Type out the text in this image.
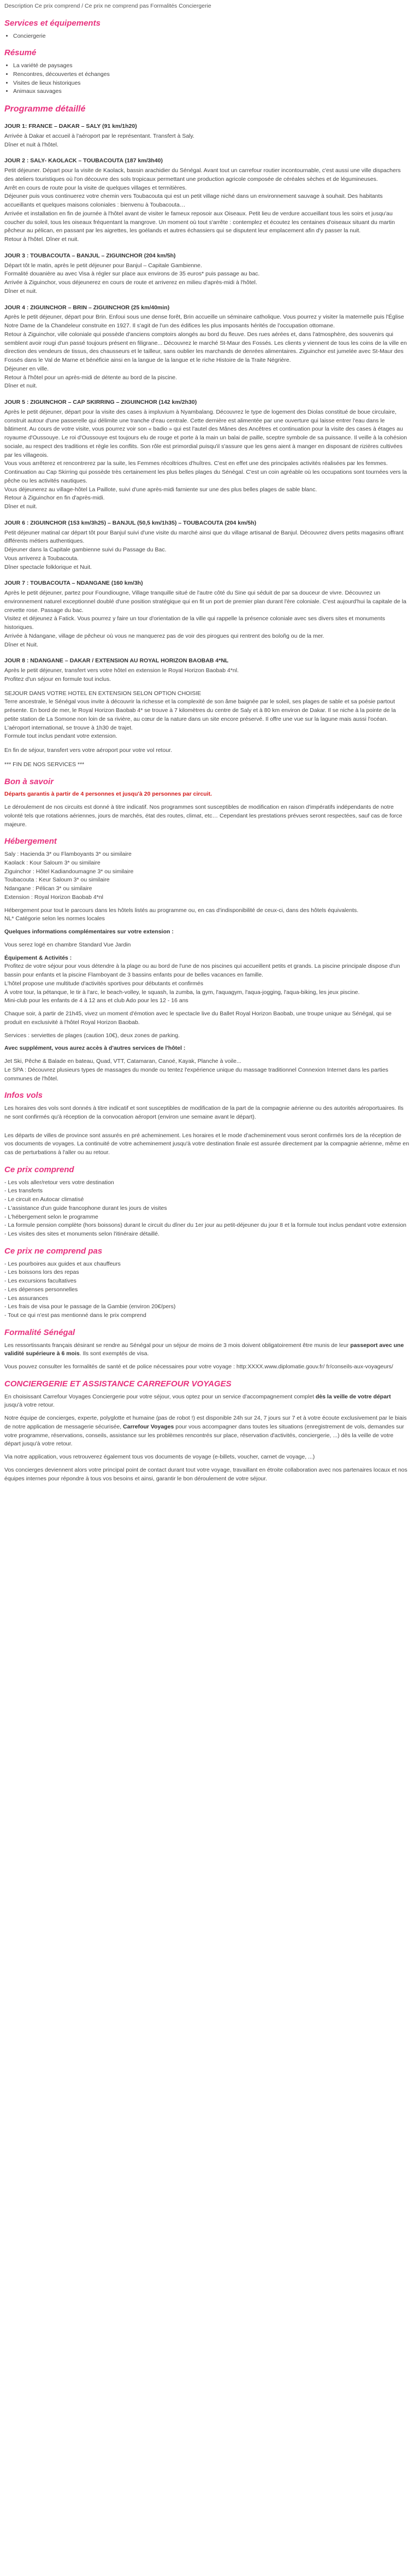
Description Ce prix comprend / Ce prix ne comprend pas Formalités Conciergerie

Services et équipements
• Conciergerie
Résumé
• La variété de paysages
• Rencontres, découvertes et échanges
• Visites de lieux historiques
• Animaux sauvages
Programme détaillé

JOUR 1: FRANCE – DAKAR – SALY (91 km/1h20)

Arrivée à Dakar et accueil à l'aéroport par le représentant. Transfert à Saly.

Dîner et nuit à l'hôtel.

JOUR 2 : SALY- KAOLACK – TOUBACOUTA (187 km/3h40)

Petit déjeuner. Départ pour la visite de Kaolack, bassin arachidier du Sénégal. Avant tout un carrefour routier incontournable, c'est aussi une ville dispachers des ateliers touristiques où l'on découvre des sols tropicaux permettant une production agricole composée de céréales sèches et de légumineuses.

Arrêt en cours de route pour la visite de quelques villages et termitières.

Déjeuner puis vous continuerez votre chemin vers Toubacouta qui est un petit village niché dans un environnement sauvage à souhait. Des habitants accueillants et quelques maisons coloniales : bienvenu à Toubacouta…

Arrivée et installation en fin de journée à l'hôtel avant de visiter le fameux reposoir aux Oiseaux. Petit lieu de verdure accueillant tous les soirs et jusqu'au coucher du soleil, tous les oiseaux fréquentant la mangrove. Un moment où tout s'arrête : contemplez et écoutez les centaines d'oiseaux situant du martin pêcheur au pélican, en passant par les aigrettes, les goélands et autres échassiers qui se disputent leur emplacement afin d'y passer la nuit.

Retour à l'hôtel. Dîner et nuit.

JOUR 3 : TOUBACOUTA – BANJUL – ZIGUINCHOR (204 km/5h)

Départ tôt le matin, après le petit déjeuner pour Banjul – Capitale Gambienne.

Formalité douanière au avec Visa à régler sur place aux environs de 35 euros* puis passage au bac.

Arrivée à Ziguinchor, vous déjeunerez en cours de route et arriverez en milieu d'après-midi à l'hôtel.

Dîner et nuit.

JOUR 4 : ZIGUINCHOR – BRIN – ZIGUINCHOR (25 km/40min)

Après le petit déjeuner, départ pour Brin. Enfoui sous une dense forêt, Brin accueille un séminaire catholique. Vous pourrez y visiter la maternelle puis l'Église Notre Dame de la Chandeleur construite en 1927. Il s'agit de l'un des édifices les plus imposants hérités de l'occupation ottomane.

Retour à Ziguinchor, ville coloniale qui possède d'anciens comptoirs alongés au bord du fleuve. Des rues aérées et, dans l'atmosphère, des souvenirs qui semblent avoir rougi d'un passé toujours présent en filigrane... Découvrez le marché St-Maur des Fossés. Les clients y viennent de tous les coins de la ville en direction des vendeurs de tissus, des chausseurs et le tailleur, sans oublier les marchands de denrées alimentaires. Ziguinchor est jumelée avec St-Maur des Fossés dans le Val de Marne et bénéficie ainsi en la langue de la langue et le riche Histoire de la Traite Négrière.

Déjeuner en ville.

Retour à l'hôtel pour un après-midi de détente au bord de la piscine.

Dîner et nuit.

JOUR 5 : ZIGUINCHOR – CAP SKIRRING – ZIGUINCHOR (142 km/2h30)

Après le petit déjeuner, départ pour la visite des cases à impluvium à Nyambalang. Découvrez le type de logement des Diolas constitué de boue circulaire, construit autour d'une passerelle qui délimite une tranche d'eau centrale. Cette dernière est alimentée par une ouverture qui laisse entrer l'eau dans le bâtiment. Au cours de votre visite, vous pourrez voir son « badio » qui est l'autel des Mânes des Ancêtres et continuation pour la visite des cases à étages au royaume d'Oussouye. Le roi d'Oussouye est toujours elu de rouge et porte à la main un balai de paille, sceptre symbole de sa puissance. Il veille à la cohésion sociale, au respect des traditions et règle les conflits. Son rôle est primordial puisqu'il s'assure que les gens aient à manger en disposant de rizières cultivées par les villageois.

Vous vous arrêterez et rencontrerez par la suite, les Femmes récoltrices d'huîtres. C'est en effet une des principales activités réalisées par les femmes.

Continuation au Cap Skirring qui possède très certainement les plus belles plages du Sénégal. C'est un coin agréable où les occupations sont tournées vers la pêche ou les activités nautiques.

Vous déjeunerez au village-hôtel La Paillote, suivi d'une après-midi farniente sur une des plus belles plages de sable blanc.

Retour à Ziguinchor en fin d'après-midi.

Dîner et nuit.

JOUR 6 : ZIGUINCHOR (153 km/3h25) – BANJUL (50,5 km/1h35) – TOUBACOUTA (204 km/5h)

Petit déjeuner matinal car départ tôt pour Banjul suivi d'une visite du marché ainsi que du village artisanal de Banjul. Découvrez divers petits magasins offrant différents métiers authentiques.

Déjeuner dans la Capitale gambienne suivi du Passage du Bac.

Vous arriverez à Toubacouta.

Dîner spectacle folklorique et Nuit.

JOUR 7 : TOUBACOUTA – NDANGANE (160 km/3h)

Après le petit déjeuner, partez pour Foundiougne, Village tranquille situé de l'autre côté du Sine qui séduit de par sa douceur de vivre. Découvrez un environnement naturel exceptionnel doublé d'une position stratégique qui en fit un port de premier plan durant l'ère coloniale. C'est aujourd'hui la capitale de la crevette rose. Passage du bac.

Visitez et déjeunez à Fatick. Vous pourrez y faire un tour d'orientation de la ville qui rappelle la présence coloniale avec ses divers sites et monuments historiques.

Arrivée à Ndangane, village de pêcheur où vous ne manquerez pas de voir des pirogues qui rentrent des boloñg ou de la mer.

Dîner et Nuit.

JOUR 8 : NDANGANE – DAKAR / EXTENSION AU ROYAL HORIZON BAOBAB 4*NL

Après le petit déjeuner, transfert vers votre hôtel en extension le Royal Horizon Baobab 4*nl.

Profitez d'un séjour en formule tout inclus.

SEJOUR DANS VOTRE HOTEL EN EXTENSION SELON OPTION CHOISIE

Terre ancestrale, le Sénégal vous invite à découvrir la richesse et la complexité de son âme baignée par le soleil, ses plages de sable et sa poésie partout présente. En bord de mer, le Royal Horizon Baobab 4* se trouve à 7 kilomètres du centre de Saly et à 80 km environ de Dakar. Il se niche à la pointe de la petite station de La Somone non loin de sa rivière, au cœur de la nature dans un site encore préservé. Il offre une vue sur la lagune mais aussi l'océan. L'aéroport international, se trouve à 1h30 de trajet.

Formule tout inclus pendant votre extension.

En fin de séjour, transfert vers votre aéroport pour votre vol retour.

*** FIN DE NOS SERVICES ***

Bon à savoir

Départs garantis à partir de 4 personnes et jusqu'à 20 personnes par circuit.

Le déroulement de nos circuits est donné à titre indicatif. Nos programmes sont susceptibles de modification en raison d'impératifs indépendants de notre volonté tels que rotations aériennes, jours de marchés, état des routes, climat, etc… Cependant les prestations prévues seront respectées, sauf cas de force majeure.

Hébergement

Saly : Hacienda 3* ou Flamboyants 3* ou similaire

Kaolack : Kour Saloum 3* ou similaire

Ziguinchor : Hôtel Kadiandoumagne 3* ou similaire

Toubacouta : Keur Saloum 3* ou similaire

Ndangane : Pélican 3* ou similaire

Extension : Royal Horizon Baobab 4*nl

Hébergement pour tout le parcours dans les hôtels listés au programme ou, en cas d'indisponibilité de ceux-ci, dans des hôtels équivalents.

NL* Catégorie selon les normes locales

Quelques informations complémentaires sur votre extension :

Vous serez logé en chambre Standard Vue Jardin

Équipement & Activités :

Profitez de votre séjour pour vous détendre à la plage ou au bord de l'une de nos piscines qui accueillent petits et grands. La piscine principale dispose d'un bassin pour enfants et la piscine Flamboyant de 3 bassins enfants pour de belles vacances en famille.

L'hôtel propose une multitude d'activités sportives pour débutants et confirmés

À votre tour, la pétanque, le tir à l'arc, le beach-volley, le squash, la zumba, la gym, l'aquagym, l'aqua-jogging, l'aqua-biking, les jeux piscine.

Mini-club pour les enfants de 4 à 12 ans et club Ado pour les 12 - 16 ans

Chaque soir, à partir de 21h45, vivez un moment d'émotion avec le spectacle live du Ballet Royal Horizon Baobab, une troupe unique au Sénégal, qui se produit en exclusivité à l'hôtel Royal Horizon Baobab.

Services : serviettes de plages (caution 10€), deux zones de parking.

Avec supplément, vous aurez accès à d'autres services de l'hôtel :

Jet Ski, Pêche & Balade en bateau, Quad, VTT, Catamaran, Canoé, Kayak, Planche à voile...

Le SPA : Découvrez plusieurs types de massages du monde ou tentez l'expérience unique du massage traditionnel Connexion Internet dans les parties communes de l'hôtel.

Infos vols

Les horaires des vols sont donnés à titre indicatif et sont susceptibles de modification de la part de la compagnie aérienne ou des autorités aéroportuaires. Ils ne sont confirmés qu'à réception de la convocation aéroport (environ une semaine avant le départ).

Les départs de villes de province sont assurés en pré acheminement. Les horaires et le mode d'acheminement vous seront confirmés lors de la réception de vos documents de voyages. La continuité de votre acheminement jusqu'à votre destination finale est assurée directement par la compagnie aérienne, même en cas de perturbations à l'aller ou au retour.

Ce prix comprend
- Les vols aller/retour vers votre destination
- Les transferts
- Le circuit en Autocar climatisé
- L'assistance d'un guide francophone durant les jours de visites
- L'hébergement selon le programme
- La formule pension complète (hors boissons) durant le circuit du dîner du 1er jour au petit-déjeuner du jour 8 et la formule tout inclus pendant votre extension
- Les visites des sites et monuments selon l'itinéraire détaillé.
Ce prix ne comprend pas
- Les pourboires aux guides et aux chauffeurs
- Les boissons lors des repas
- Les excursions facultatives
- Les dépenses personnelles
- Les assurances
- Les frais de visa pour le passage de la Gambie (environ 20€/pers)
- Tout ce qui n'est pas mentionné dans le prix comprend
Formalité Sénégal

Les ressortissants français désirant se rendre au Sénégal pour un séjour de moins de 3 mois doivent obligatoirement être munis de leur passeport avec une validité supérieure à 6 mois. Ils sont exemptés de visa.

Vous pouvez consulter les formalités de santé et de police nécessaires pour votre voyage : http:XXXX.www.diplomatie.gouv.fr/ fr/conseils-aux-voyageurs/

CONCIERGERIE ET ASSISTANCE CARREFOUR VOYAGES

En choisissant Carrefour Voyages Conciergerie pour votre séjour, vous optez pour un service d'accompagnement complet dès la veille de votre départ jusqu'à votre retour.

Notre équipe de concierges, experte, polyglotte et humaine (pas de robot !) est disponible 24h sur 24, 7 jours sur 7 et à votre écoute exclusivement par le biais de notre application de messagerie sécurisée, Carrefour Voyages pour vous accompagner dans toutes les situations (enregistrement de vols, demandes sur votre programme, réservations, conseils, assistance sur les problèmes rencontrés sur place, réservation d'activités, conciergerie, ...) dès la veille de votre départ jusqu'à votre retour.

Via notre application, vous retrouverez également tous vos documents de voyage (e-billets, voucher, carnet de voyage, ...)

Vos concierges deviennent alors votre principal point de contact durant tout votre voyage, travaillant en étroite collaboration avec nos partenaires locaux et nos équipes internes pour répondre à tous vos besoins et ainsi, garantir le bon déroulement de votre séjour.
